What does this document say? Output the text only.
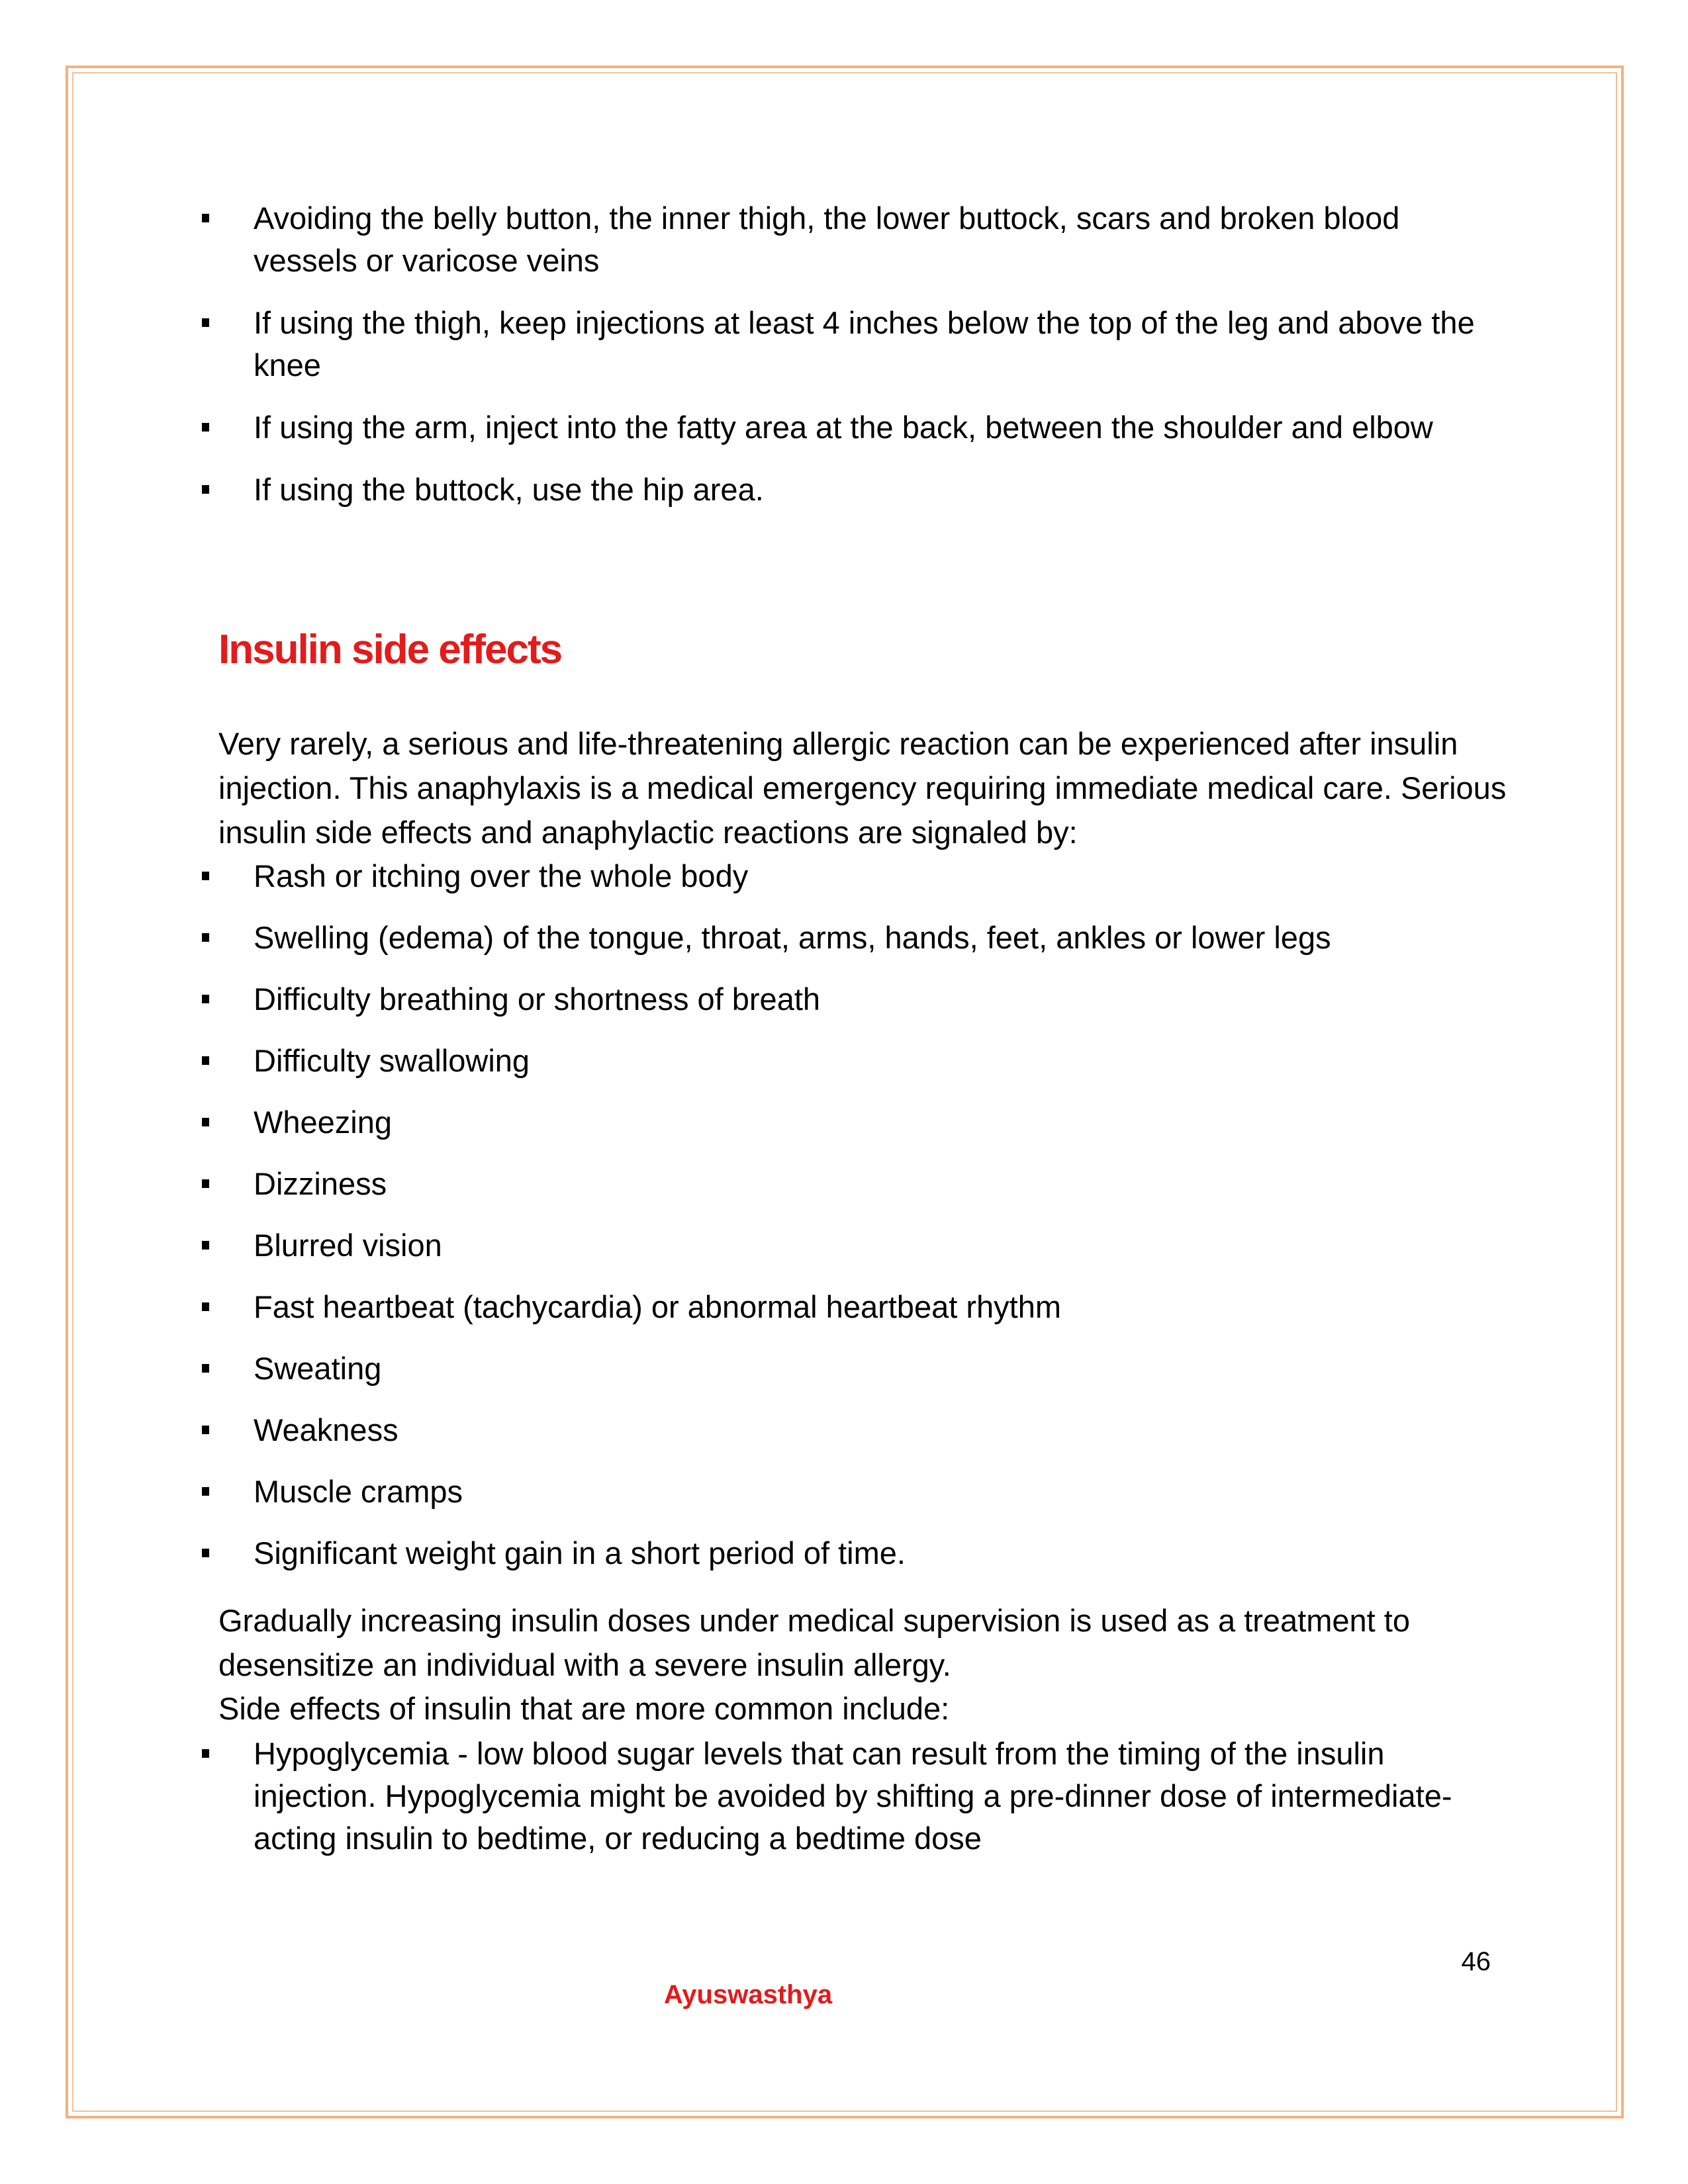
Avoiding the belly button, the inner thigh, the lower buttock, scars and broken blood vessels or varicose veins
If using the thigh, keep injections at least 4 inches below the top of the leg and above the knee
If using the arm, inject into the fatty area at the back, between the shoulder and elbow
If using the buttock, use the hip area.
Insulin side effects

Very rarely, a serious and life-threatening allergic reaction can be experienced after insulin injection. This anaphylaxis is a medical emergency requiring immediate medical care. Serious insulin side effects and anaphylactic reactions are signaled by:

Rash or itching over the whole body
Swelling (edema) of the tongue, throat, arms, hands, feet, ankles or lower legs
Difficulty breathing or shortness of breath
Difficulty swallowing
Wheezing
Dizziness
Blurred vision
Fast heartbeat (tachycardia) or abnormal heartbeat rhythm
Sweating
Weakness
Muscle cramps
Significant weight gain in a short period of time.

Gradually increasing insulin doses under medical supervision is used as a treatment to desensitize an individual with a severe insulin allergy.

Side effects of insulin that are more common include:

Hypoglycemia - low blood sugar levels that can result from the timing of the insulin injection. Hypoglycemia might be avoided by shifting a pre-dinner dose of intermediate-acting insulin to bedtime, or reducing a bedtime dose
46
Ayuswasthya
